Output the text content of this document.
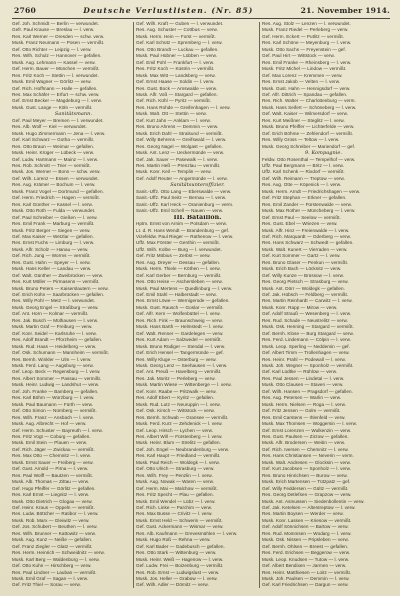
2760	Deutsche Verlustlisten. (Nr. 85)	21. November 1914.
Gef. Joh. Schmidt — Berlin — verwundet.
Gefr. Paul Krause — Breslau — l. verw.
Res. Karl Werner — Dresden — schw. verw.
Musk. Franz Neumann — Posen — vermißt.
Gef. Otto Richter — Leipzig — l. verw.
Res. Wilh. Schulz — Hannover — gefallen.
Musk. Aug. Lehmann — Kassel — verw.
Gef. Herm. Bauer — München — vermißt.
Res. Fritz Koch — Stettin — l. verwundet.
Musk. Emil Wagner — Görlitz — verw.
Gef. Rich. Hoffmann — Halle — gefallen.
Res. Max Schäfer — Erfurt — schw. verw.
Gef. Ernst Becker — Magdeburg — l. verw.
Musk. Gust. Lange — Köln — vermißt.
Sanitätsmann.
Gef. Paul Meyer — Bremen — l. verwundet.
Res. Alb. Wolf — Kiel — verwundet.
Musk. Hugo Zimmermann — Jena — l. verw.
Gef. Karl Schwarz — Gotha — vermißt.
Res. Otto Braun — Weimar — gefallen.
Musk. Heinr. Krüger — Lübeck — verw.
Gef. Ludw. Hartmann — Mainz — l. verw.
Res. Rob. Schmitt — Trier — vermißt.
Musk. Jos. Werner — Bonn — schw. verw.
Gef. Wilh. Lorenz — Essen — verwundet.
Res. Aug. Krämer — Bochum — l. verw.
Musk. Franz Vogel — Dortmund — gefallen.
Gef. Herm. Friedrich — Hagen — vermißt.
Res. Karl Günther — Kassel — l. verw.
Musk. Otto Roth — Fulda — verwundet.
Gef. Paul Schreiber — Gießen — l. verw.
Res. Emil Frank — Marburg — vermißt.
Musk. Fritz Berger — Siegen — verw.
Gef. Max Kaiser — Wetzlar — gefallen.
Res. Ernst Fuchs — Limburg — l. verw.
Musk. Alfr. Scholz — Hanau — verw.
Gef. Rich. Jung — Worms — vermißt.
Res. Gust. Hahn — Speyer — l. verw.
Musk. Hans Keller — Landau — verw.
Gef. Walt. Günther — Zweibrücken — verw.
Res. Kurt Möller — Pirmasens — vermißt.
Musk. Bruno Peters — Kaiserslautern — verw.
Gef. Erich Kühn — Saarbrücken — gefallen.
Res. Willy Pohl — Metz — l. verwundet.
Musk. Georg Engel — Straßburg — verw.
Gef. Ant. Horn — Kolmar — vermißt.
Res. Jak. Busch — Mülhausen — l. verw.
Musk. Martin Graf — Freiburg — verw.
Gef. Konr. Seidel — Karlsruhe — l. verw.
Res. Adolf Brandt — Pforzheim — gefallen.
Musk. Rud. Haas — Heidelberg — verw.
Gef. Osk. Schumann — Mannheim — vermißt.
Res. Bernh. Winkler — Ulm — l. verw.
Musk. Ferd. Lang — Augsburg — verw.
Gef. Leop. Beck — Regensburg — l. verw.
Res. Albert Sommer — Passau — vermißt.
Musk. Heinr. Ludwig — Landshut — verw.
Gef. Joh. Franke — Bamberg — gefallen.
Res. Karl Böhm — Würzburg — l. verw.
Musk. Paul Baumann — Fürth — verw.
Gef. Otto Simon — Nürnberg — vermißt.
Res. Wilh. Franz — Ansbach — l. verw.
Musk. Aug. Albrecht — Hof — verw.
Gef. Herm. Schuster — Bayreuth — l. verw.
Res. Fritz Vogt — Coburg — gefallen.
Musk. Emil Stein — Plauen — verw.
Gef. Rich. Jäger — Zwickau — vermißt.
Res. Max Otto — Chemnitz — l. verw.
Musk. Ernst Sauer — Freiberg — verw.
Gef. Gust. Arnold — Pirna — l. verw.
Res. Paul Wolff — Bautzen — vermißt.
Musk. Alb. Thomas — Zittau — verw.
Gef. Hugo Pfeiffer — Görlitz — gefallen.
Res. Karl Ernst — Liegnitz — l. verw.
Musk. Otto Dietrich — Glogau — verw.
Gef. Heinr. Kraus — Oppeln — vermißt.
Res. Ludw. Böttcher — Ratibor — l. verw.
Musk. Rob. Marx — Gleiwitz — verw.
Gef. Jos. Schubert — Beuthen — l. verw.
Res. Wilh. Brunner — Kattowitz — verw.
Musk. Aug. Kunz — Neiße — gefallen.
Gef. Franz Ziegler — Glatz — vermißt.
Res. Herm. Heinrich — Schweidnitz — verw.
Musk. Karl Berg — Waldenburg — l. verw.
Gef. Otto Kuhn — Hirschberg — verw.
Res. Paul Lindner — Lauban — vermißt.
Musk. Emil Graf — Sagan — l. verw.
Gef. Fritz Thiel — Sorau — verw.
Gef. Wilh. Kraft — Guben — l. verwundet.
Res. Aug. Schuster — Cottbus — verw.
Musk. Herm. Hein — Forst — vermißt.
Gef. Karl Schütz — Spremberg — l. verw.
Res. Otto Brandt — Luckau — gefallen.
Musk. Paul Hübner — Lübben — verw.
Gef. Emil Pohl — Frankfurt — l. verw.
Res. Fritz Koch — Küstrin — vermißt.
Musk. Max Witt — Landsberg — verw.
Gef. Ernst Haase — Soldin — l. verw.
Res. Gust. Bock — Arnswalde — verw.
Musk. Alfr. Voß — Stargard — gefallen.
Gef. Rich. Kühl — Pyritz — vermißt.
Res. Hans Rohde — Greifenhagen — l. verw.
Musk. Walt. Ott — Stettin — verw.
Gef. Kurt Jahn — Anklam — l. verw.
Res. Bruno Ahrens — Demmin — verw.
Musk. Erich Dahl — Stralsund — vermißt.
Gef. Willy Behrens — Greifswald — l. verw.
Res. Georg Nagel — Wolgast — gefallen.
Musk. Ant. Lenz — Ueckermünde — verw.
Gef. Jak. Sauer — Pasewalk — l. verw.
Res. Martin Heß — Prenzlau — vermißt.
Musk. Konr. Keil — Templin — verw.
Gef. Adolf Reuter — Angermünde — l. verw.
Sanitätsunteroffizier.
Sanit.-Uffz. Otto Lang — Eberswalde — verw.
Sanit.-Uffz. Paul Seitz — Bernau — l. verw.
Sanit.-Uffz. Karl Heck — Oranienburg — verm.
Sanit.-Uffz. Emil Schell — Nauen — verw.
III. Bataillon.
Hptm. Ernst von Arnim — Potsdam — verw.
Lt. d. R. Hans Wendt — Brandenburg — gef.
Vizefeldw. Paul Rieger — Rathenow — l. verw.
Uffz. Max Förster — Genthin — vermißt.
Uffz. Wilh. Kolbe — Burg — l. verwundet.
Gef. Fritz Möbius — Zerbst — verw.
Res. Aug. Dreyer — Dessau — gefallen.
Musk. Herm. Thiele — Köthen — l. verw.
Gef. Karl Gerber — Bernburg — vermißt.
Res. Otto Heise — Aschersleben — verw.
Musk. Paul Mertens — Quedlinburg — l. verw.
Gef. Emil Stahl — Halberstadt — verw.
Res. Ernst Löwe — Wernigerode — gefallen.
Musk. Gust. Rausch — Goslar — vermißt.
Gef. Alfr. Kern — Wolfenbüttel — l. verw.
Res. Rich. Fink — Braunschweig — verw.
Musk. Hans Barth — Helmstedt — l. verw.
Gef. Walt. Renner — Gardelegen — verw.
Res. Kurt Adam — Salzwedel — vermißt.
Musk. Bruno Rüdiger — Stendal — l. verw.
Gef. Erich Hensel — Tangermünde — gef.
Res. Willy Kluge — Osterburg — verw.
Musk. Georg Lenz — Seehausen — l. verw.
Gef. Ant. Preuß — Havelberg — vermißt.
Res. Jak. Moritz — Perleberg — verw.
Musk. Martin Wiese — Wittenberge — l. verw.
Gef. Konr. Raabe — Pritzwalk — verw.
Res. Adolf Ebert — Kyritz — gefallen.
Musk. Rud. Lutz — Neuruppin — l. verw.
Gef. Osk. Kirsch — Wittstock — verw.
Res. Bernh. Schwab — Gransee — vermißt.
Musk. Ferd. Kurz — Zehdenick — l. verw.
Gef. Leop. Hirsch — Lychen — verw.
Res. Albert Will — Fürstenberg — l. verw.
Musk. Heinr. Blum — Strelitz — gefallen.
Gef. Joh. Engel — Neubrandenburg — verw.
Res. Karl Haupt — Friedland — vermißt.
Musk. Paul Reich — Woldegk — l. verw.
Gef. Otto Ulrich — Strasburg — verw.
Res. Wilh. Frey — Penzlin — l. verw.
Musk. Aug. Nowak — Waren — verw.
Gef. Herm. Mai — Malchow — vermißt.
Res. Fritz Specht — Plau — gefallen.
Musk. Emil Wendel — Lübz — l. verw.
Gef. Rich. Linke — Parchim — verw.
Res. Max Busse — Crivitz — l. verw.
Musk. Ernst Held — Schwerin — vermißt.
Gef. Gust. Ackermann — Wismar — verw.
Res. Alb. Kaufmann — Grevesmühlen — l. verw.
Musk. Hugo Roß — Rehna — verw.
Gef. Karl Bader — Gadebusch — gefallen.
Res. Otto Stark — Wittenburg — verw.
Musk. Heinr. Weiß — Hagenow — l. verw.
Gef. Ludw. Frei — Boizenburg — vermißt.
Res. Rob. Ernst — Ludwigslust — verw.
Musk. Jos. Heller — Grabow — l. verw.
Gef. Wilh. Adler — Dömitz — verw.
Res. Aug. Stolz — Lenzen — l. verwundet.
Musk. Franz Riedel — Perleberg — verw.
Gef. Herm. Eckert — Putlitz — vermißt.
Res. Karl Schöne — Meyenburg — l. verw.
Musk. Otto Sachs — Freyenstein — gef.
Gef. Paul Hirt — Wittstock — verw.
Res. Emil Franke — Rheinsberg — l. verw.
Musk. Fritz Michel — Lindow — vermißt.
Gef. Max Lorenz — Kremmen — verw.
Res. Ernst Jakob — Velten — l. verw.
Musk. Gust. Hahn — Hennigsdorf — verw.
Gef. Alfr. Dittrich — Spandau — gefallen.
Res. Rich. Walter — Charlottenburg — verm.
Musk. Hans Seifert — Schöneberg — l. verw.
Gef. Walt. Kaiser — Wilmersdorf — verw.
Res. Kurt Meißner — Steglitz — l. verw.
Musk. Bruno Pfeiffer — Lichterfelde — verw.
Gef. Erich Böhme — Zehlendorf — vermißt.
Res. Willy Gross — Teltow — l. verw.
Musk. Georg Schreiber — Mariendorf — gef.
9. Kompagnie.
Feldw. Otto Rosenthal — Tempelhof — verw.
Uffz. Paul Bergmann — Britz — l. verw.
Uffz. Karl Schenk — Rixdorf — vermißt.
Gef. Wilh. Reimann — Treptow — verw.
Res. Aug. Otte — Köpenick — l. verw.
Musk. Herm. Arndt — Friedrichshagen — verw.
Gef. Fritz Stephan — Erkner — gefallen.
Res. Emil Zander — Fürstenwalde — verw.
Musk. Max Rother — Müncheberg — l. verw.
Gef. Ernst Paul — Seelow — vermißt.
Res. Gust. Ebel — Wriezen — verw.
Musk. Alfr. Hinz — Freienwalde — l. verw.
Gef. Rich. Marquardt — Oderberg — verw.
Res. Hans Schwarz — Schwedt — gefallen.
Musk. Walt. Kunert — Vierraden — verw.
Gef. Kurt Sommer — Gartz — l. verw.
Res. Bruno Glaser — Penkun — vermißt.
Musk. Erich Bach — Löcknitz — verw.
Gef. Willy Kunze — Brüssow — l. verw.
Res. Georg Pietsch — Strasburg — verw.
Musk. Ant. Dörr — Woldegk — gefallen.
Gef. Jak. Hübsch — Feldberg — vermißt.
Res. Martin Reinhardt — Carwitz — l. verw.
Musk. Konr. Rapp — Mirow — verw.
Gef. Adolf Strauß — Wesenberg — l. verw.
Res. Rud. Schade — Neustrelitz — verw.
Musk. Osk. Henning — Stargard — vermißt.
Gef. Bernh. Klose — Burg Stargard — verw.
Res. Ferd. Lindemann — Cölpin — l. verw.
Musk. Leop. Sperling — Neddemin — gef.
Gef. Albert Timm — Trollenhagen — verw.
Res. Heinr. Prahl — Podewall — l. verw.
Musk. Joh. Wegner — Sponholz — vermißt.
Gef. Karl Lüdtke — Rühlow — verw.
Res. Paul Jessen — Lindetal — l. verw.
Musk. Otto Clausen — Staven — verw.
Gef. Wilh. Hansen — Pragsdorf — gefallen.
Res. Aug. Petersen — Warlin — verw.
Musk. Herm. Nielsen — Roga — l. verw.
Gef. Fritz Jensen — Golm — vermißt.
Res. Emil Carstens — Ihlenfeld — verw.
Musk. Max Thomsen — Woggersin — l. verw.
Gef. Ernst Lorenzen — Wulkenzin — verw.
Res. Gust. Paulsen — Zirzow — gefallen.
Musk. Alfr. Brodersen — Weitin — verw.
Gef. Rich. Iversen — Chemnitz — l. verw.
Res. Hans Christiansen — Neverin — verm.
Musk. Walt. Andresen — Glocksin — verw.
Gef. Kurt Jacobsen — Sponholz — l. verw.
Res. Bruno Hinrichsen — Burow — verw.
Musk. Erich Martensen — Tützpatz — gef.
Gef. Willy Feddersen — Gültz — vermißt.
Res. Georg Detlefsen — Grapzow — verw.
Musk. Ant. Asmussen — Siedenbollentin — verw.
Gef. Jak. Ketelsen — Altentreptow — l. verw.
Res. Martin Boysen — Werder — verw.
Musk. Konr. Lassen — Kriesow — vermißt.
Gef. Adolf Sönnichsen — Bartow — verw.
Res. Rud. Mommsen — Wodarg — l. verw.
Musk. Osk. Nissen — Pripsleben — verw.
Gef. Bernh. Ohlsen — Breest — gefallen.
Res. Ferd. Erichsen — Beggerow — verw.
Musk. Leop. Knudsen — Tutow — l. verw.
Gef. Albert Bendixen — Jarmen — verw.
Res. Heinr. Matthiesen — Loitz — vermißt.
Musk. Joh. Paulsen — Demmin — l. verw.
Gef. Karl Friedrichsen — Dargun — verw.
